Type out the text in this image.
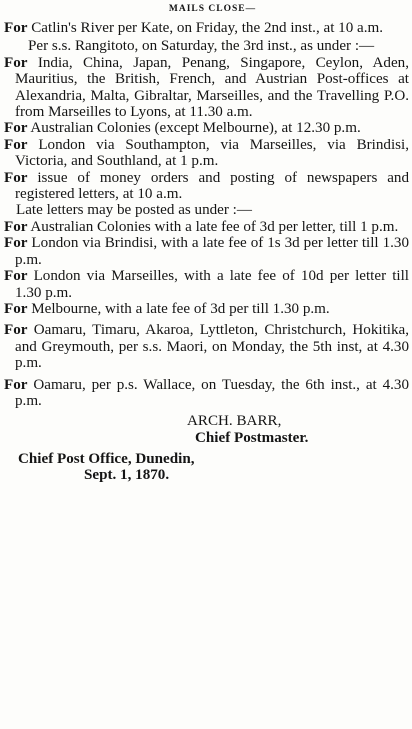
MAILS CLOSE—

For Catlin's River per Kate, on Friday, the 2nd inst., at 10 a.m.

Per s.s. Rangitoto, on Saturday, the 3rd inst., as under :—

For India, China, Japan, Penang, Singapore, Ceylon, Aden, Mauritius, the British, French, and Austrian Post-offices at Alexandria, Malta, Gibraltar, Marseilles, and the Travelling P.O. from Marseilles to Lyons, at 11.30 a.m.

For Australian Colonies (except Melbourne), at 12.30 p.m.

For London via Southampton, via Marseilles, via Brindisi, Victoria, and Southland, at 1 p.m.

For issue of money orders and posting of newspapers and registered letters, at 10 a.m.

Late letters may be posted as under :—

For Australian Colonies with a late fee of 3d per letter, till 1 p.m.

For London via Brindisi, with a late fee of 1s 3d per letter till 1.30 p.m.

For London via Marseilles, with a late fee of 10d per letter till 1.30 p.m.

For Melbourne, with a late fee of 3d per till 1.30 p.m.

For Oamaru, Timaru, Akaroa, Lyttleton, Christchurch, Hokitika, and Greymouth, per s.s. Maori, on Monday, the 5th inst, at 4.30 p.m.

For Oamaru, per p.s. Wallace, on Tuesday, the 6th inst., at 4.30 p.m.

ARCH. BARR,

Chief Postmaster.

Chief Post Office, Dunedin,

Sept. 1, 1870.
